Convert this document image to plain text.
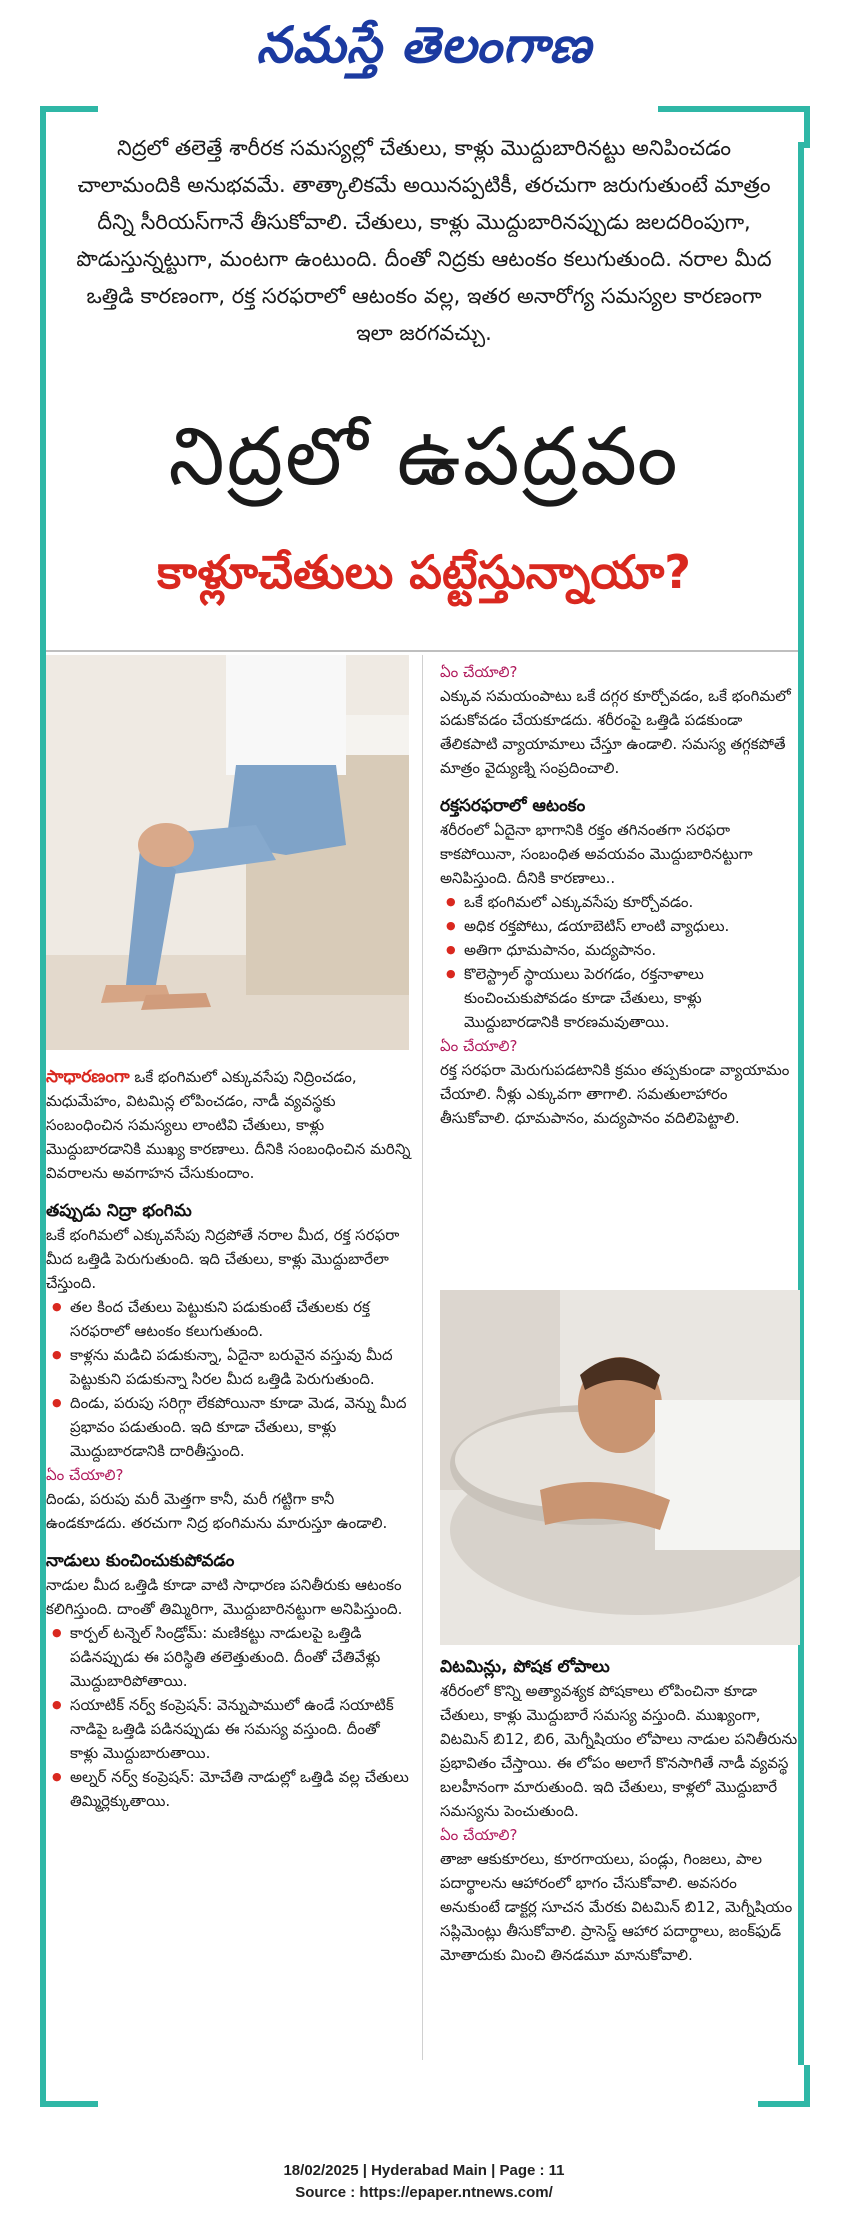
నమస్తే తెలంగాణ
నిద్రలో తలెత్తే శారీరక సమస్యల్లో చేతులు, కాళ్లు మొద్దుబారినట్టు అనిపించడం చాలామందికి అనుభవమే. తాత్కాలికమే అయినప్పటికీ, తరచుగా జరుగుతుంటే మాత్రం దీన్ని సీరియస్‌గానే తీసుకోవాలి. చేతులు, కాళ్లు మొద్దుబారినప్పుడు జలదరింపుగా, పొడుస్తున్నట్టుగా, మంటగా ఉంటుంది. దీంతో నిద్రకు ఆటంకం కలుగుతుంది. నరాల మీద ఒత్తిడి కారణంగా, రక్త సరఫరాలో ఆటంకం వల్ల, ఇతర అనారోగ్య సమస్యల కారణంగా ఇలా జరగవచ్చు.
నిద్రలో ఉపద్రవం
కాళ్లూచేతులు పట్టేస్తున్నాయా?

సాధారణంగా ఒకే భంగిమలో ఎక్కువసేపు నిద్రించడం, మధుమేహం, విటమిన్ల లోపించడం, నాడీ వ్యవస్థకు సంబంధించిన సమస్యలు లాంటివి చేతులు, కాళ్లు మొద్దుబారడానికి ముఖ్య కారణాలు. దీనికి సంబంధించిన మరిన్ని వివరాలను అవగాహన చేసుకుందాం.

తప్పుడు నిద్రా భంగిమ

ఒకే భంగిమలో ఎక్కువసేపు నిద్రపోతే నరాల మీద, రక్త సరఫరా మీద ఒత్తిడి పెరుగుతుంది. ఇది చేతులు, కాళ్లు మొద్దుబారేలా చేస్తుంది.

● తల కింద చేతులు పెట్టుకుని పడుకుంటే చేతులకు రక్త సరఫరాలో ఆటంకం కలుగుతుంది.
● కాళ్లను మడిచి పడుకున్నా, ఏదైనా బరువైన వస్తువు మీద పెట్టుకుని పడుకున్నా సిరల మీద ఒత్తిడి పెరుగుతుంది.
● దిండు, పరుపు సరిగ్గా లేకపోయినా కూడా మెడ, వెన్ను మీద ప్రభావం పడుతుంది. ఇది కూడా చేతులు, కాళ్లు మొద్దుబారడానికి దారితీస్తుంది.

ఏం చేయాలి?

దిండు, పరుపు మరీ మెత్తగా కానీ, మరీ గట్టిగా కానీ ఉండకూడదు. తరచుగా నిద్ర భంగిమను మారుస్తూ ఉండాలి.

నాడులు కుంచించుకుపోవడం

నాడుల మీద ఒత్తిడి కూడా వాటి సాధారణ పనితీరుకు ఆటంకం కలిగిస్తుంది. దాంతో తిమ్మిరిగా, మొద్దుబారినట్టుగా అనిపిస్తుంది.

● కార్పల్ టన్నెల్ సిండ్రోమ్: మణికట్టు నాడులపై ఒత్తిడి పడినప్పుడు ఈ పరిస్థితి తలెత్తుతుంది. దీంతో చేతివేళ్లు మొద్దుబారిపోతాయి.
● సయాటిక్ నర్వ్ కంప్రెషన్: వెన్నుపాములో ఉండే సయాటిక్ నాడిపై ఒత్తిడి పడినప్పుడు ఈ సమస్య వస్తుంది. దీంతో కాళ్లు మొద్దుబారుతాయి.
● అల్నర్ నర్వ్ కంప్రెషన్: మోచేతి నాడుల్లో ఒత్తిడి వల్ల చేతులు తిమ్మిర్లెక్కుతాయి.

ఏం చేయాలి?

ఎక్కువ సమయంపాటు ఒకే దగ్గర కూర్చోవడం, ఒకే భంగిమలో పడుకోవడం చేయకూడదు. శరీరంపై ఒత్తిడి పడకుండా తేలికపాటి వ్యాయామాలు చేస్తూ ఉండాలి. సమస్య తగ్గకపోతే మాత్రం వైద్యుణ్ని సంప్రదించాలి.

రక్తసరఫరాలో ఆటంకం

శరీరంలో ఏదైనా భాగానికి రక్తం తగినంతగా సరఫరా కాకపోయినా, సంబంధిత అవయవం మొద్దుబారినట్టుగా అనిపిస్తుంది. దీనికి కారణాలు..

● ఒకే భంగిమలో ఎక్కువసేపు కూర్చోవడం.
● అధిక రక్తపోటు, డయాబెటిస్ లాంటి వ్యాధులు.
● అతిగా ధూమపానం, మద్యపానం.
● కొలెస్ట్రాల్ స్థాయులు పెరగడం, రక్తనాళాలు కుంచించుకుపోవడం కూడా చేతులు, కాళ్లు మొద్దుబారడానికి కారణమవుతాయి.

ఏం చేయాలి?

రక్త సరఫరా మెరుగుపడటానికి క్రమం తప్పకుండా వ్యాయామం చేయాలి. నీళ్లు ఎక్కువగా తాగాలి. సమతులాహారం తీసుకోవాలి. ధూమపానం, మద్యపానం వదిలిపెట్టాలి.

విటమిన్లు, పోషక లోపాలు

శరీరంలో కొన్ని అత్యావశ్యక పోషకాలు లోపించినా కూడా చేతులు, కాళ్లు మొద్దుబారే సమస్య వస్తుంది. ముఖ్యంగా, విటమిన్ బి12, బి6, మెగ్నీషియం లోపాలు నాడుల పనితీరును ప్రభావితం చేస్తాయి. ఈ లోపం అలాగే కొనసాగితే నాడీ వ్యవస్థ బలహీనంగా మారుతుంది. ఇది చేతులు, కాళ్లలో మొద్దుబారే సమస్యను పెంచుతుంది.

ఏం చేయాలి?

తాజా ఆకుకూరలు, కూరగాయలు, పండ్లు, గింజలు, పాల పదార్థాలను ఆహారంలో భాగం చేసుకోవాలి. అవసరం అనుకుంటే డాక్టర్ల సూచన మేరకు విటమిన్ బి12, మెగ్నీషియం సప్లిమెంట్లు తీసుకోవాలి. ప్రాసెస్డ్ ఆహార పదార్థాలు, జంక్‌ఫుడ్ మోతాదుకు మించి తినడమూ మానుకోవాలి.

18/02/2025 | Hyderabad Main | Page : 11
Source : https://epaper.ntnews.com/
